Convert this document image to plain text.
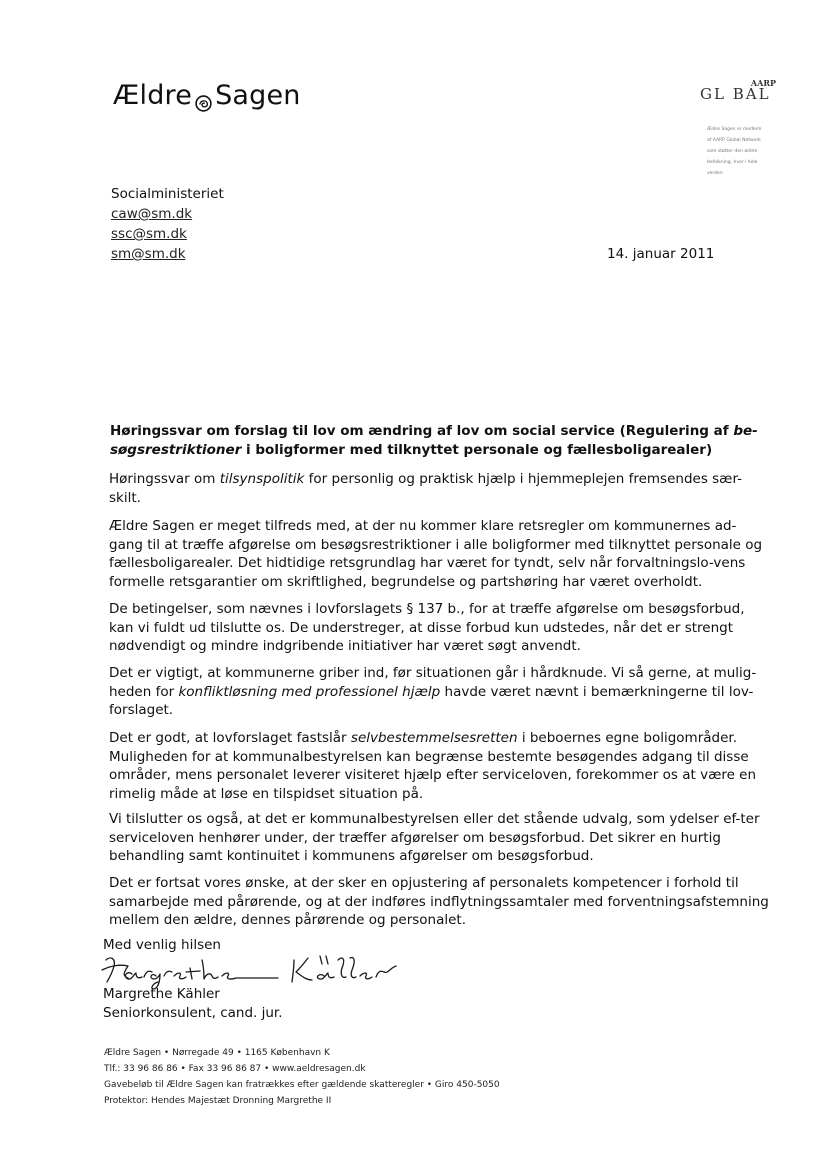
Ældre Sagen	AARP
GL BAL
Ældre Sagen er medlem
af AARP Global Network
som støtter den ældre
befolkning, hvor i hele
verden
Socialministeriet
caw@sm.dk
ssc@sm.dk
sm@sm.dk	14. januar 2011
Høringssvar om forslag til lov om ændring af lov om social service (Regulering af be-søgsrestriktioner i boligformer med tilknyttet personale og fællesboligarealer)
Høringssvar om tilsynspolitik for personlig og praktisk hjælp i hjemmeplejen fremsendes sær-skilt.
Ældre Sagen er meget tilfreds med, at der nu kommer klare retsregler om kommunernes ad-gang til at træffe afgørelse om besøgsrestriktioner i alle boligformer med tilknyttet personale og fællesboligarealer. Det hidtidige retsgrundlag har været for tyndt, selv når forvaltningslo-vens formelle retsgarantier om skriftlighed, begrundelse og partshøring har været overholdt.
De betingelser, som nævnes i lovforslagets § 137 b., for at træffe afgørelse om besøgsforbud, kan vi fuldt ud tilslutte os. De understreger, at disse forbud kun udstedes, når det er strengt nødvendigt og mindre indgribende initiativer har været søgt anvendt.
Det er vigtigt, at kommunerne griber ind, før situationen går i hårdknude. Vi så gerne, at mulig-heden for konfliktløsning med professionel hjælp havde været nævnt i bemærkningerne til lov-forslaget.
Det er godt, at lovforslaget fastslår selvbestemmelsesretten i beboernes egne boligområder. Muligheden for at kommunalbestyrelsen kan begrænse bestemte besøgendes adgang til disse områder, mens personalet leverer visiteret hjælp efter serviceloven, forekommer os at være en rimelig måde at løse en tilspidset situation på.
Vi tilslutter os også, at det er kommunalbestyrelsen eller det stående udvalg, som ydelser ef-ter serviceloven henhører under, der træffer afgørelser om besøgsforbud. Det sikrer en hurtig behandling samt kontinuitet i kommunens afgørelser om besøgsforbud.
Det er fortsat vores ønske, at der sker en opjustering af personalets kompetencer i forhold til samarbejde med pårørende, og at der indføres indflytningssamtaler med forventningsafstemning mellem den ældre, dennes pårørende og personalet.
Med venlig hilsen
Margrethe Kähler
Seniorkonsulent, cand. jur.
Ældre Sagen • Nørregade 49 • 1165 København K
Tlf.: 33 96 86 86 • Fax 33 96 86 87 • www.aeldresagen.dk
Gavebeløb til Ældre Sagen kan fratrækkes efter gældende skatteregler • Giro 450-5050
Protektor: Hendes Majestæt Dronning Margrethe II
